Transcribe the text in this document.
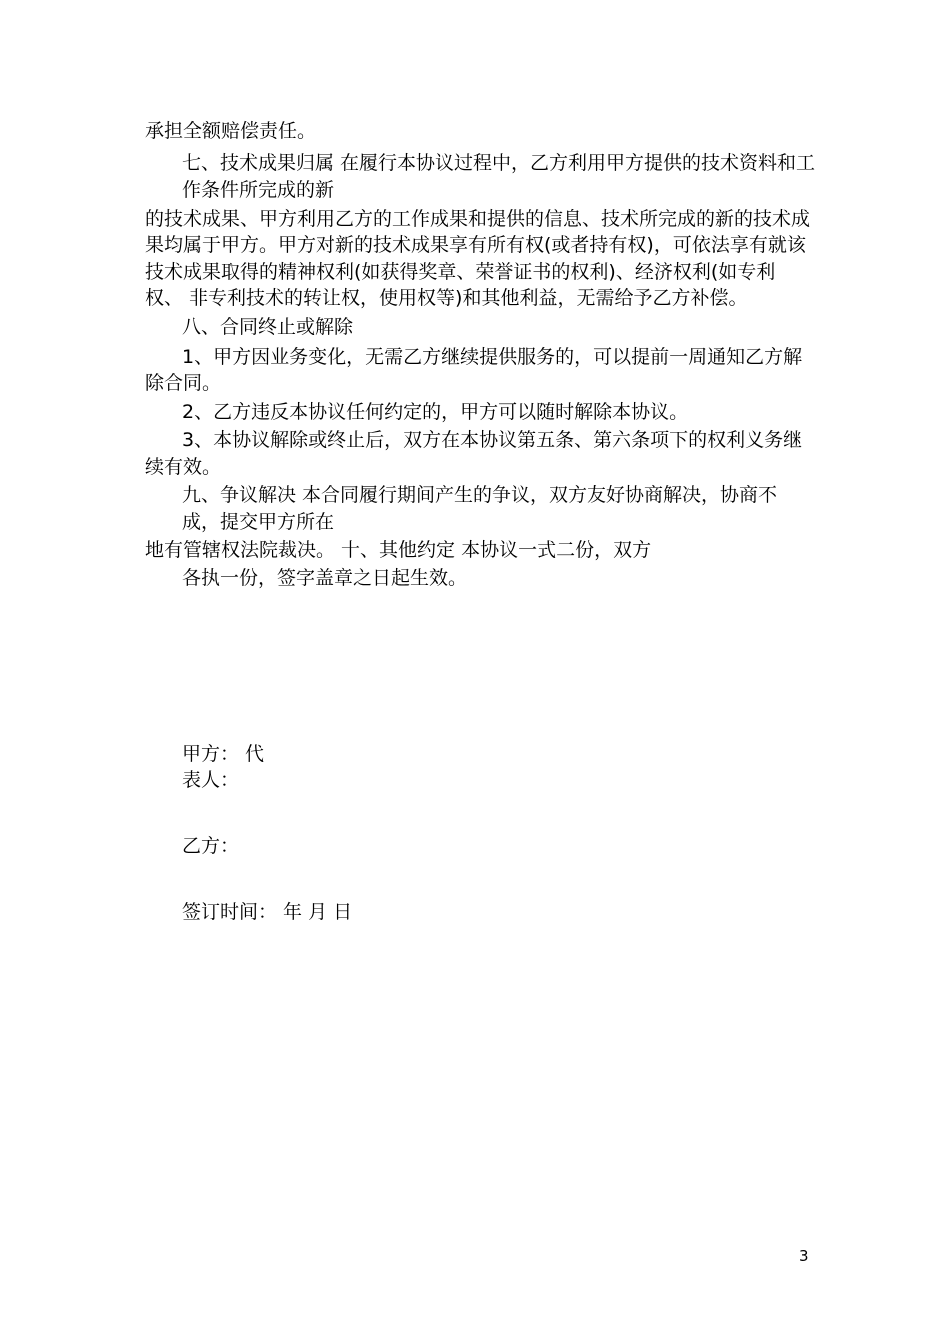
承担全额赔偿责任。
七、技术成果归属 在履行本协议过程中，乙方利用甲方提供的技术资料和工
作条件所完成的新
的技术成果、甲方利用乙方的工作成果和提供的信息、技术所完成的新的技术成
果均属于甲方。甲方对新的技术成果享有所有权(或者持有权)，可依法享有就该
技术成果取得的精神权利(如获得奖章、荣誉证书的权利)、经济权利(如专利
权、 非专利技术的转让权，使用权等)和其他利益，无需给予乙方补偿。
八、合同终止或解除
1、甲方因业务变化，无需乙方继续提供服务的，可以提前一周通知乙方解
除合同。
2、乙方违反本协议任何约定的，甲方可以随时解除本协议。
3、本协议解除或终止后，双方在本协议第五条、第六条项下的权利义务继
续有效。
九、争议解决 本合同履行期间产生的争议，双方友好协商解决，协商不
成，提交甲方所在
地有管辖权法院裁决。 十、其他约定 本协议一式二份，双方
各执一份，签字盖章之日起生效。
甲方： 代
表人：
乙方：
签订时间： 年 月 日
3
